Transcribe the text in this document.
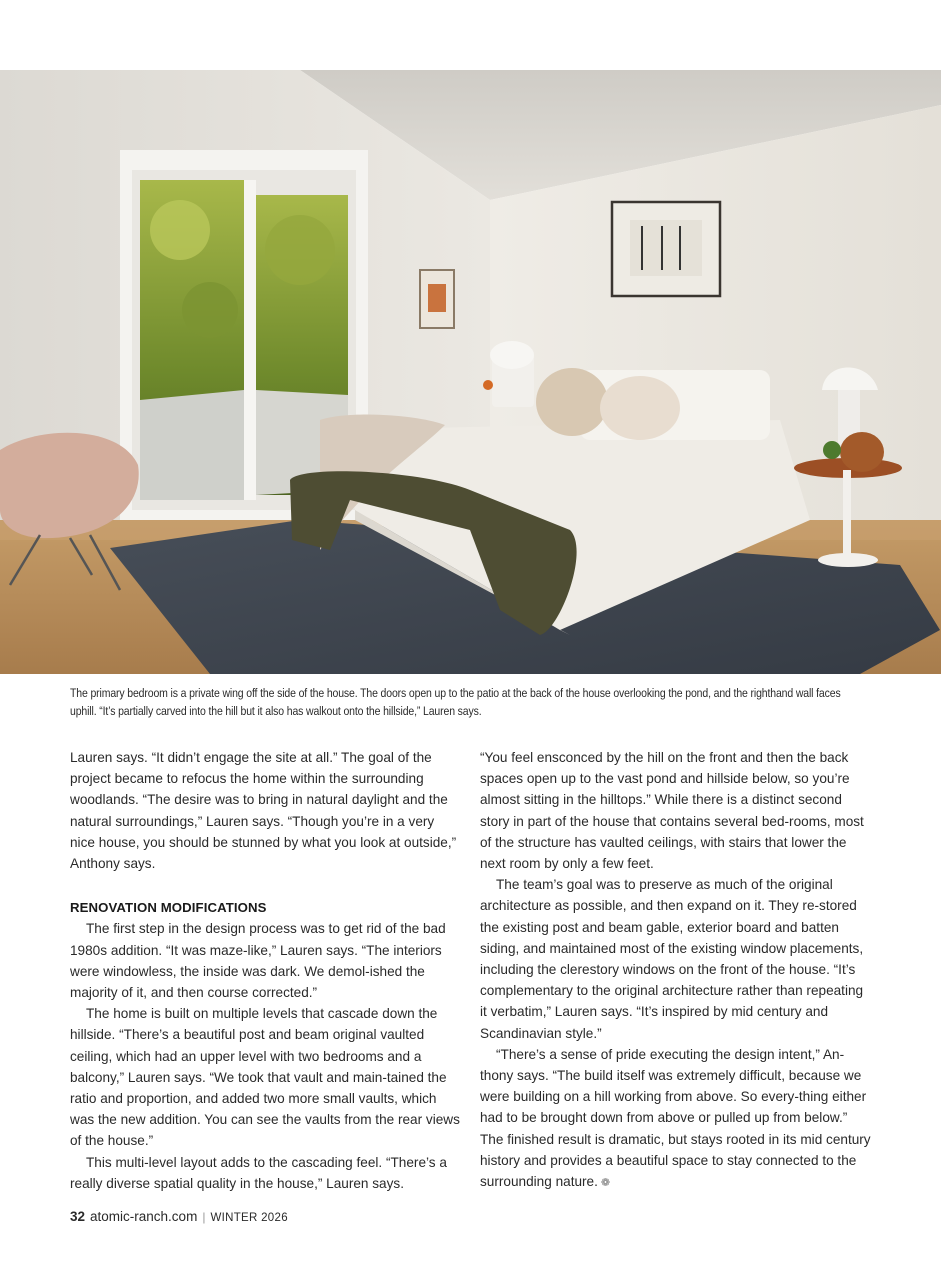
The primary bedroom is a private wing off the side of the house. The doors open up to the patio at the back of the house overlooking the pond, and the righthand wall faces uphill. “It’s partially carved into the hill but it also has walkout onto the hillside,” Lauren says.

Lauren says. “It didn’t engage the site at all.” The goal of the project became to refocus the home within the surrounding woodlands. “The desire was to bring in natural daylight and the natural surroundings,” Lauren says. “Though you’re in a very nice house, you should be stunned by what you look at outside,” Anthony says.

RENOVATION MODIFICATIONS

The first step in the design process was to get rid of the bad 1980s addition. “It was maze-like,” Lauren says. “The interiors were windowless, the inside was dark. We demol-ished the majority of it, and then course corrected.”

The home is built on multiple levels that cascade down the hillside. “There’s a beautiful post and beam original vaulted ceiling, which had an upper level with two bedrooms and a balcony,” Lauren says. “We took that vault and main-tained the ratio and proportion, and added two more small vaults, which was the new addition. You can see the vaults from the rear views of the house.”

This multi-level layout adds to the cascading feel. “There’s a really diverse spatial quality in the house,” Lauren says.

“You feel ensconced by the hill on the front and then the back spaces open up to the vast pond and hillside below, so you’re almost sitting in the hilltops.” While there is a distinct second story in part of the house that contains several bed-rooms, most of the structure has vaulted ceilings, with stairs that lower the next room by only a few feet.

The team’s goal was to preserve as much of the original architecture as possible, and then expand on it. They re-stored the existing post and beam gable, exterior board and batten siding, and maintained most of the existing window placements, including the clerestory windows on the front of the house. “It’s complementary to the original architecture rather than repeating it verbatim,” Lauren says. “It’s inspired by mid century and Scandinavian style.”

“There’s a sense of pride executing the design intent,” An-thony says. “The build itself was extremely difficult, because we were building on a hill working from above. So every-thing either had to be brought down from above or pulled up from below.” The finished result is dramatic, but stays rooted in its mid century history and provides a beautiful space to stay connected to the surrounding nature. ❁

32 atomic-ranch.com | WINTER 2026
